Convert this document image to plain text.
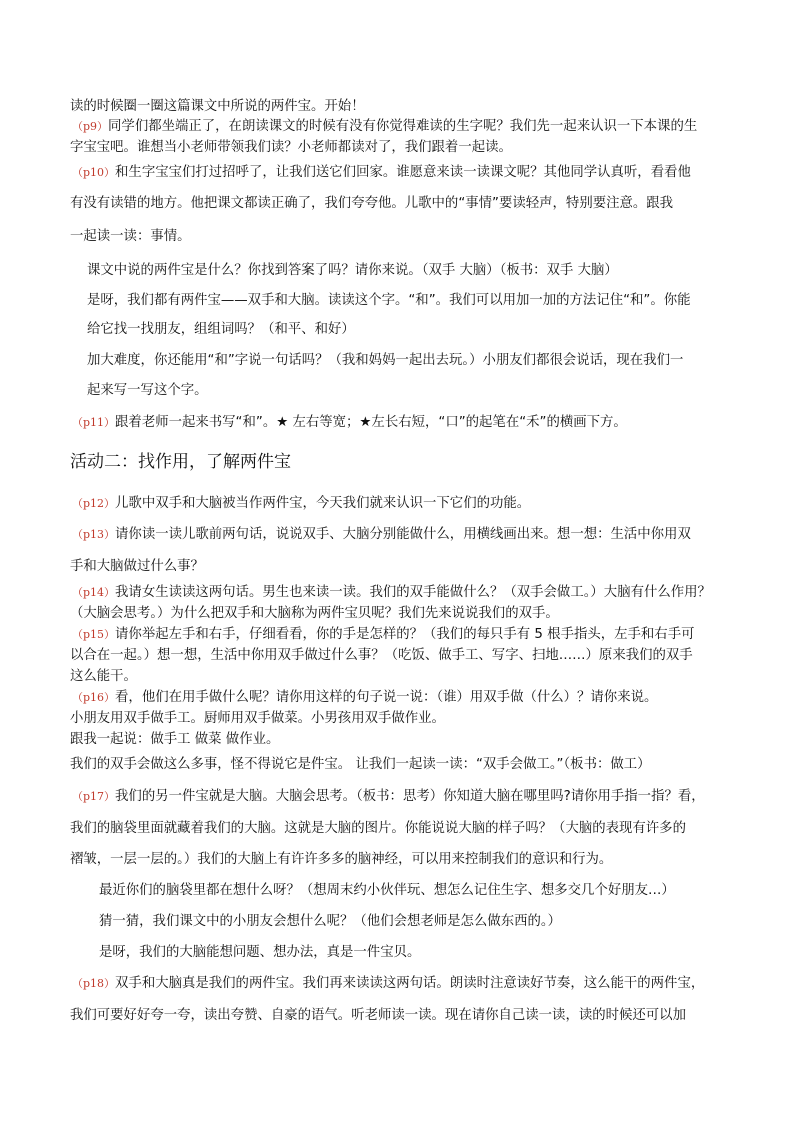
读的时候圈一圈这篇课文中所说的两件宝。开始！
（p9）同学们都坐端正了，在朗读课文的时候有没有你觉得难读的生字呢？我们先一起来认识一下本课的生
字宝宝吧。谁想当小老师带领我们读？小老师都读对了，我们跟着一起读。
（p10）和生字宝宝们打过招呼了，让我们送它们回家。谁愿意来读一读课文呢？其他同学认真听，看看他
有没有读错的地方。他把课文都读正确了，我们夸夸他。儿歌中的“事情”要读轻声，特别要注意。跟我
一起读一读：事情。
课文中说的两件宝是什么？你找到答案了吗？请你来说。（双手 大脑）（板书：双手 大脑）
是呀，我们都有两件宝——双手和大脑。读读这个字。“和”。我们可以用加一加的方法记住“和”。你能
给它找一找朋友，组组词吗？（和平、和好）
加大难度，你还能用“和”字说一句话吗？（我和妈妈一起出去玩。）小朋友们都很会说话，现在我们一
起来写一写这个字。
（p11）跟着老师一起来书写“和”。★ 左右等宽；★左长右短，“口”的起笔在“禾”的横画下方。
活动二：找作用，了解两件宝
（p12）儿歌中双手和大脑被当作两件宝，今天我们就来认识一下它们的功能。
（p13）请你读一读儿歌前两句话，说说双手、大脑分别能做什么，用横线画出来。想一想：生活中你用双
手和大脑做过什么事？
（p14）我请女生读读这两句话。男生也来读一读。我们的双手能做什么？（双手会做工。）大脑有什么作用？
（大脑会思考。）为什么把双手和大脑称为两件宝贝呢？我们先来说说我们的双手。
（p15）请你举起左手和右手，仔细看看，你的手是怎样的？（我们的每只手有 5 根手指头，左手和右手可
以合在一起。）想一想，生活中你用双手做过什么事？（吃饭、做手工、写字、扫地……）原来我们的双手
这么能干。
（p16）看，他们在用手做什么呢？请你用这样的句子说一说：（谁）用双手做（什么）？请你来说。
小朋友用双手做手工。厨师用双手做菜。小男孩用双手做作业。
跟我一起说：做手工 做菜 做作业。
我们的双手会做这么多事，怪不得说它是件宝。 让我们一起读一读：“双手会做工。”（板书：做工）
（p17）我们的另一件宝就是大脑。大脑会思考。（板书：思考）你知道大脑在哪里吗?请你用手指一指？看，
我们的脑袋里面就藏着我们的大脑。这就是大脑的图片。你能说说大脑的样子吗？（大脑的表现有许多的
褶皱，一层一层的。）我们的大脑上有许许多多的脑神经，可以用来控制我们的意识和行为。
最近你们的脑袋里都在想什么呀？（想周末约小伙伴玩、想怎么记住生字、想多交几个好朋友…）
猜一猜，我们课文中的小朋友会想什么呢？（他们会想老师是怎么做东西的。）
是呀，我们的大脑能想问题、想办法，真是一件宝贝。
（p18）双手和大脑真是我们的两件宝。我们再来读读这两句话。朗读时注意读好节奏，这么能干的两件宝，
我们可要好好夸一夸，读出夸赞、自豪的语气。听老师读一读。现在请你自己读一读，读的时候还可以加
